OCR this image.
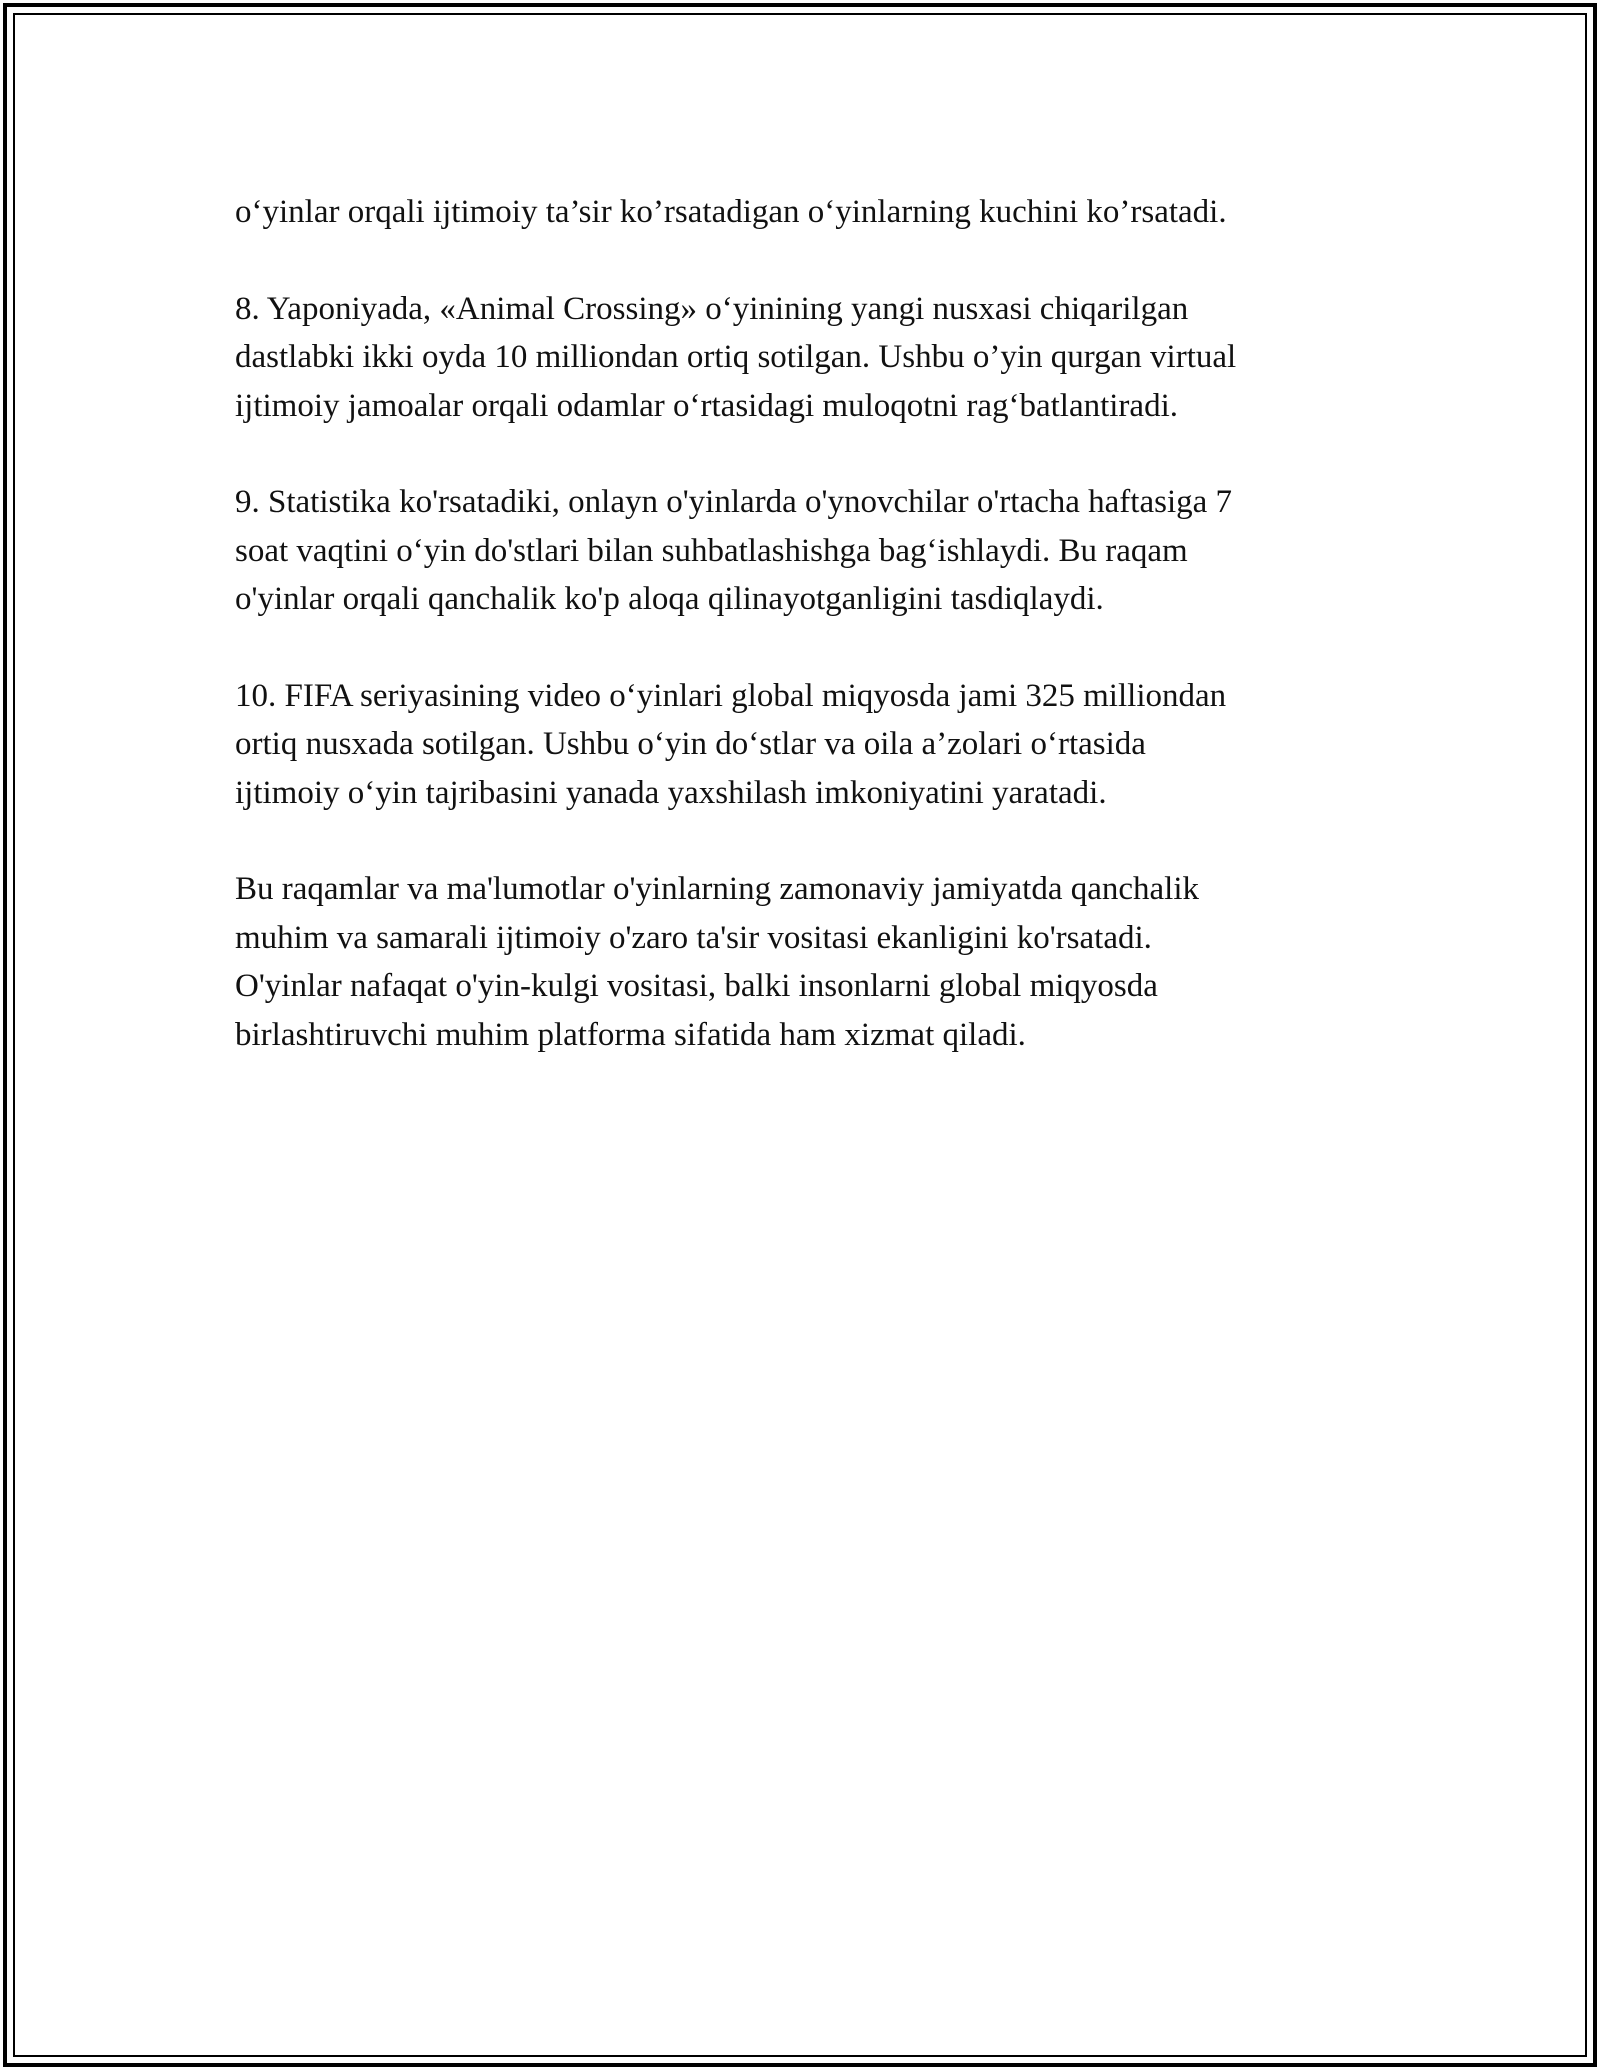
o‘yinlar orqali ijtimoiy ta’sir ko’rsatadigan o‘yinlarning kuchini ko’rsatadi.

8. Yaponiyada, «Animal Crossing» o‘yinining yangi nusxasi chiqarilgan
dastlabki ikki oyda 10 milliondan ortiq sotilgan. Ushbu o’yin qurgan virtual
ijtimoiy jamoalar orqali odamlar o‘rtasidagi muloqotni rag‘batlantiradi.

9. Statistika ko'rsatadiki, onlayn o'yinlarda o'ynovchilar o'rtacha haftasiga 7
soat vaqtini o‘yin do'stlari bilan suhbatlashishga bag‘ishlaydi. Bu raqam
o'yinlar orqali qanchalik ko'p aloqa qilinayotganligini tasdiqlaydi.

10. FIFA seriyasining video o‘yinlari global miqyosda jami 325 milliondan
ortiq nusxada sotilgan. Ushbu o‘yin do‘stlar va oila a’zolari o‘rtasida
ijtimoiy o‘yin tajribasini yanada yaxshilash imkoniyatini yaratadi.

Bu raqamlar va ma'lumotlar o'yinlarning zamonaviy jamiyatda qanchalik
muhim va samarali ijtimoiy o'zaro ta'sir vositasi ekanligini ko'rsatadi.
O'yinlar nafaqat o'yin-kulgi vositasi, balki insonlarni global miqyosda
birlashtiruvchi muhim platforma sifatida ham xizmat qiladi.
